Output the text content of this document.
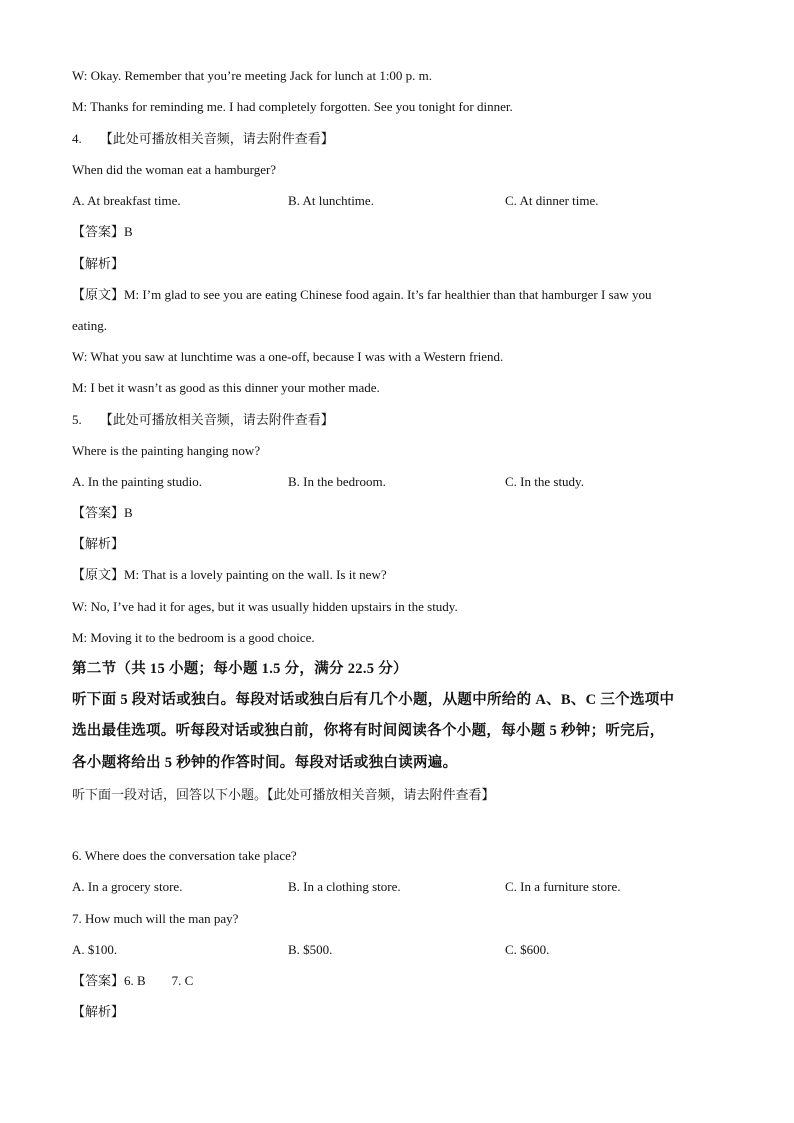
W: Okay. Remember that you’re meeting Jack for lunch at 1:00 p. m.
M: Thanks for reminding me. I had completely forgotten. See you tonight for dinner.
4. 【此处可播放相关音频，请去附件查看】
When did the woman eat a hamburger?
A. At breakfast time.	B. At lunchtime.	C. At dinner time.
【答案】B
【解析】
【原文】M: I’m glad to see you are eating Chinese food again. It’s far healthier than that hamburger I saw you
eating.
W: What you saw at lunchtime was a one-off, because I was with a Western friend.
M: I bet it wasn’t as good as this dinner your mother made.
5. 【此处可播放相关音频，请去附件查看】
Where is the painting hanging now?
A. In the painting studio.	B. In the bedroom.	C. In the study.
【答案】B
【解析】
【原文】M: That is a lovely painting on the wall. Is it new?
W: No, I’ve had it for ages, but it was usually hidden upstairs in the study.
M: Moving it to the bedroom is a good choice.
第二节（共 15 小题；每小题 1.5 分，满分 22.5 分）
听下面 5 段对话或独白。每段对话或独白后有几个小题，从题中所给的 A、B、C 三个选项中
选出最佳选项。听每段对话或独白前，你将有时间阅读各个小题，每小题 5 秒钟；听完后，
各小题将给出 5 秒钟的作答时间。每段对话或独白读两遍。
听下面一段对话，回答以下小题。【此处可播放相关音频，请去附件查看】
6. Where does the conversation take place?
A. In a grocery store.	B. In a clothing store.	C. In a furniture store.
7. How much will the man pay?
A. $100.	B. $500.	C. $600.
【答案】6. B 7. C
【解析】
